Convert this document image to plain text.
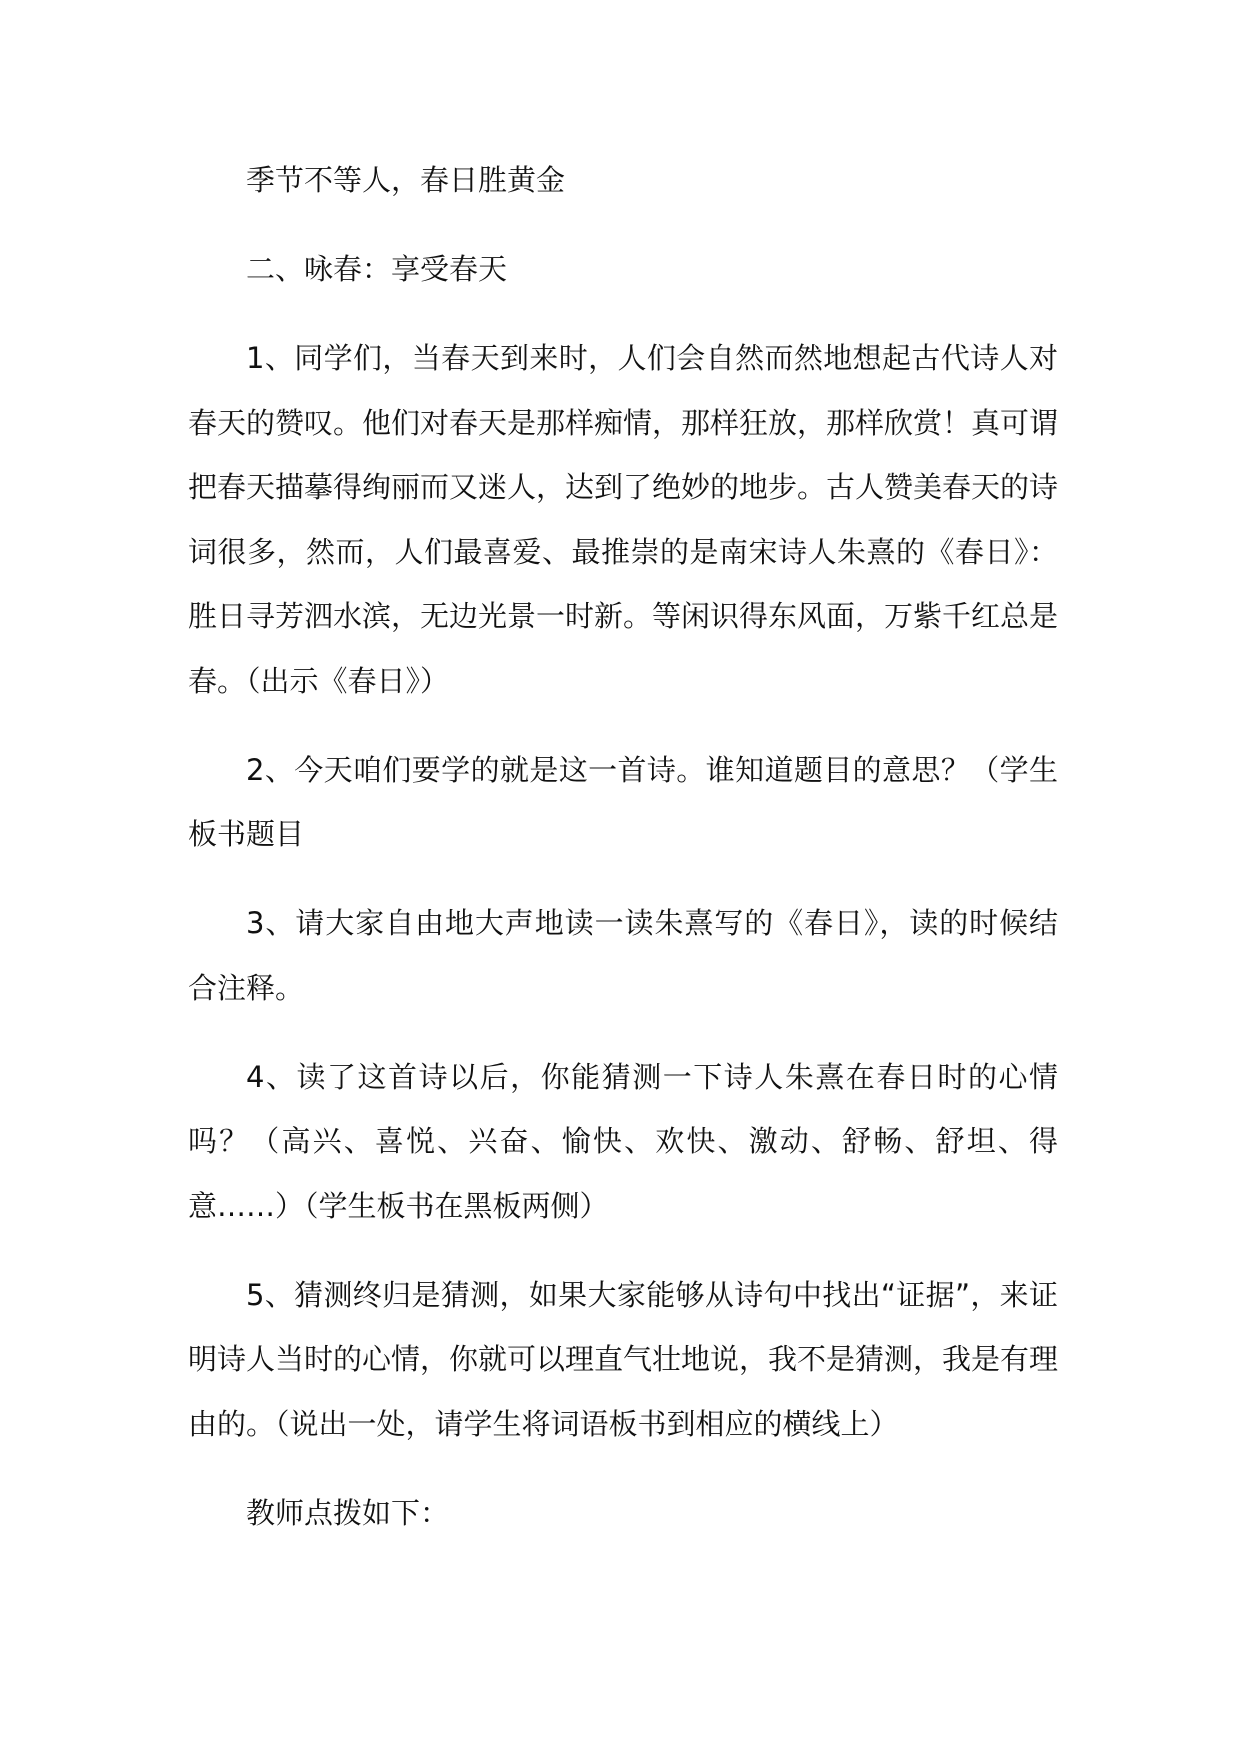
季节不等人，春日胜黄金

二、咏春：享受春天

1、同学们，当春天到来时，人们会自然而然地想起古代诗人对春天的赞叹。他们对春天是那样痴情，那样狂放，那样欣赏！真可谓把春天描摹得绚丽而又迷人，达到了绝妙的地步。古人赞美春天的诗词很多，然而，人们最喜爱、最推崇的是南宋诗人朱熹的《春日》：胜日寻芳泗水滨，无边光景一时新。等闲识得东风面，万紫千红总是春。（出示《春日》）

2、今天咱们要学的就是这一首诗。谁知道题目的意思？（学生板书题目

3、请大家自由地大声地读一读朱熹写的《春日》，读的时候结合注释。

4、读了这首诗以后，你能猜测一下诗人朱熹在春日时的心情吗？（高兴、喜悦、兴奋、愉快、欢快、激动、舒畅、舒坦、得意……）（学生板书在黑板两侧）

5、猜测终归是猜测，如果大家能够从诗句中找出“证据”，来证明诗人当时的心情，你就可以理直气壮地说，我不是猜测，我是有理由的。（说出一处，请学生将词语板书到相应的横线上）

教师点拨如下：
